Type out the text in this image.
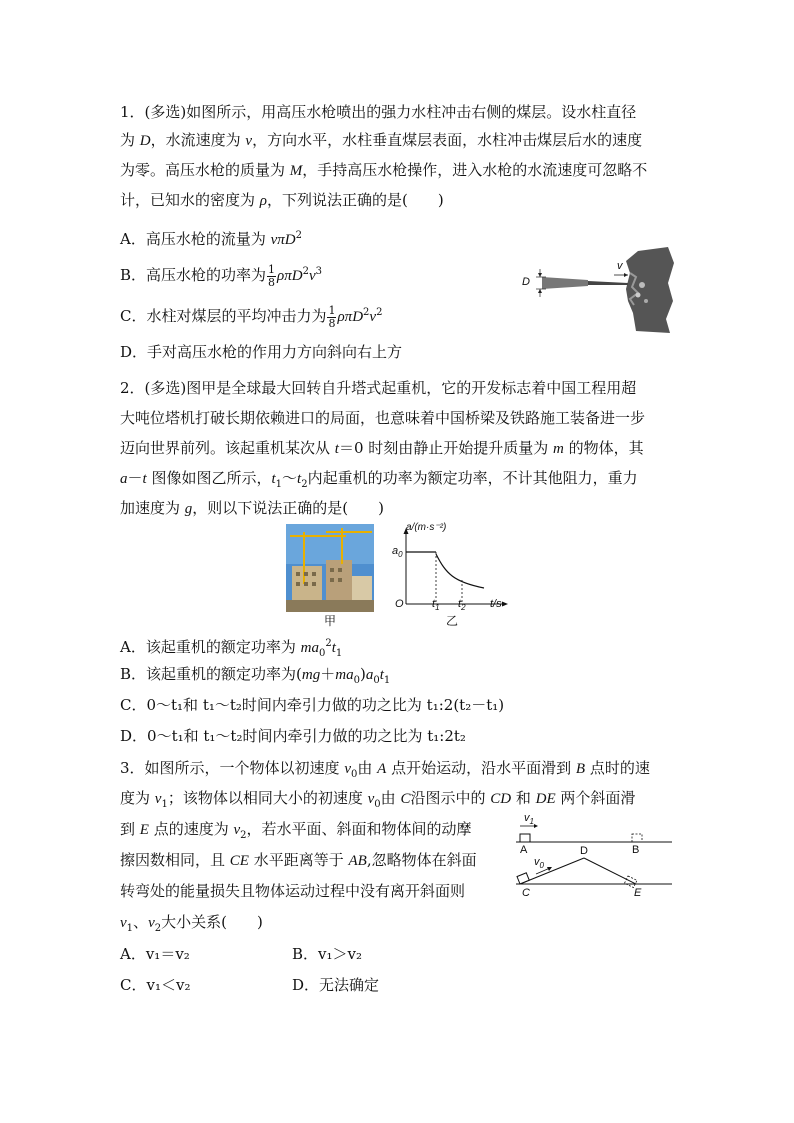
1．(多选)如图所示，用高压水枪喷出的强力水柱冲击右侧的煤层。设水柱直径
为 D，水流速度为 v，方向水平，水柱垂直煤层表面，水柱冲击煤层后水的速度
为零。高压水枪的质量为 M，手持高压水枪操作，进入水枪的水流速度可忽略不
计，已知水的密度为 ρ，下列说法正确的是(　　)
A．高压水枪的流量为 vπD$^2$
B．高压水枪的功率为 $\frac{1}{8} \rho\pi D^2v^3$
C．水柱对煤层的平均冲击力为 $\frac{1}{8} \rho\pi D^2v^2$
D．手对高压水枪的作用力方向斜向右上方
D
v
2．(多选)图甲是全球最大回转自升塔式起重机，它的开发标志着中国工程用超
大吨位塔机打破长期依赖进口的局面，也意味着中国桥梁及铁路施工装备进一步
迈向世界前列。该起重机某次从 t＝0 时刻由静止开始提升质量为 m 的物体，其
a－t 图像如图乙所示，$t_1\sim t_2$内起重机的功率为额定功率，不计其他阻力，重力
加速度为 g，则以下说法正确的是(　　)
甲
a/(m·s⁻²)
$a_0$
O	$t_1$ $t_2$ t/s
乙
A．该起重机的额定功率为 $ma_0^2t_1$
B．该起重机的额定功率为$(mg+ma_0)a_0t_1$
C．0～t₁和 t₁～t₂时间内牵引力做的功之比为 t₁:2(t₂－t₁)
D．0～t₁和 t₁～t₂时间内牵引力做的功之比为 t₁:2t₂
3．如图所示，一个物体以初速度 $v_0$由 A 点开始运动，沿水平面滑到 B 点时的速
度为 $v_1$；该物体以相同大小的初速度 $v_0$由 C沿图示中的 CD 和 DE 两个斜面滑
到 E 点的速度为 $v_2$，若水平面、斜面和物体间的动摩
擦因数相同，且 CE 水平距离等于 AB,忽略物体在斜面
转弯处的能量损失且物体运动过程中没有离开斜面则
$v_1$、$v_2$大小关系(　　)
A．v₁＝v₂	B．v₁＞v₂
C．v₁＜v₂	D．无法确定
$v_1$
A	B
$v_0$
D
C	E
